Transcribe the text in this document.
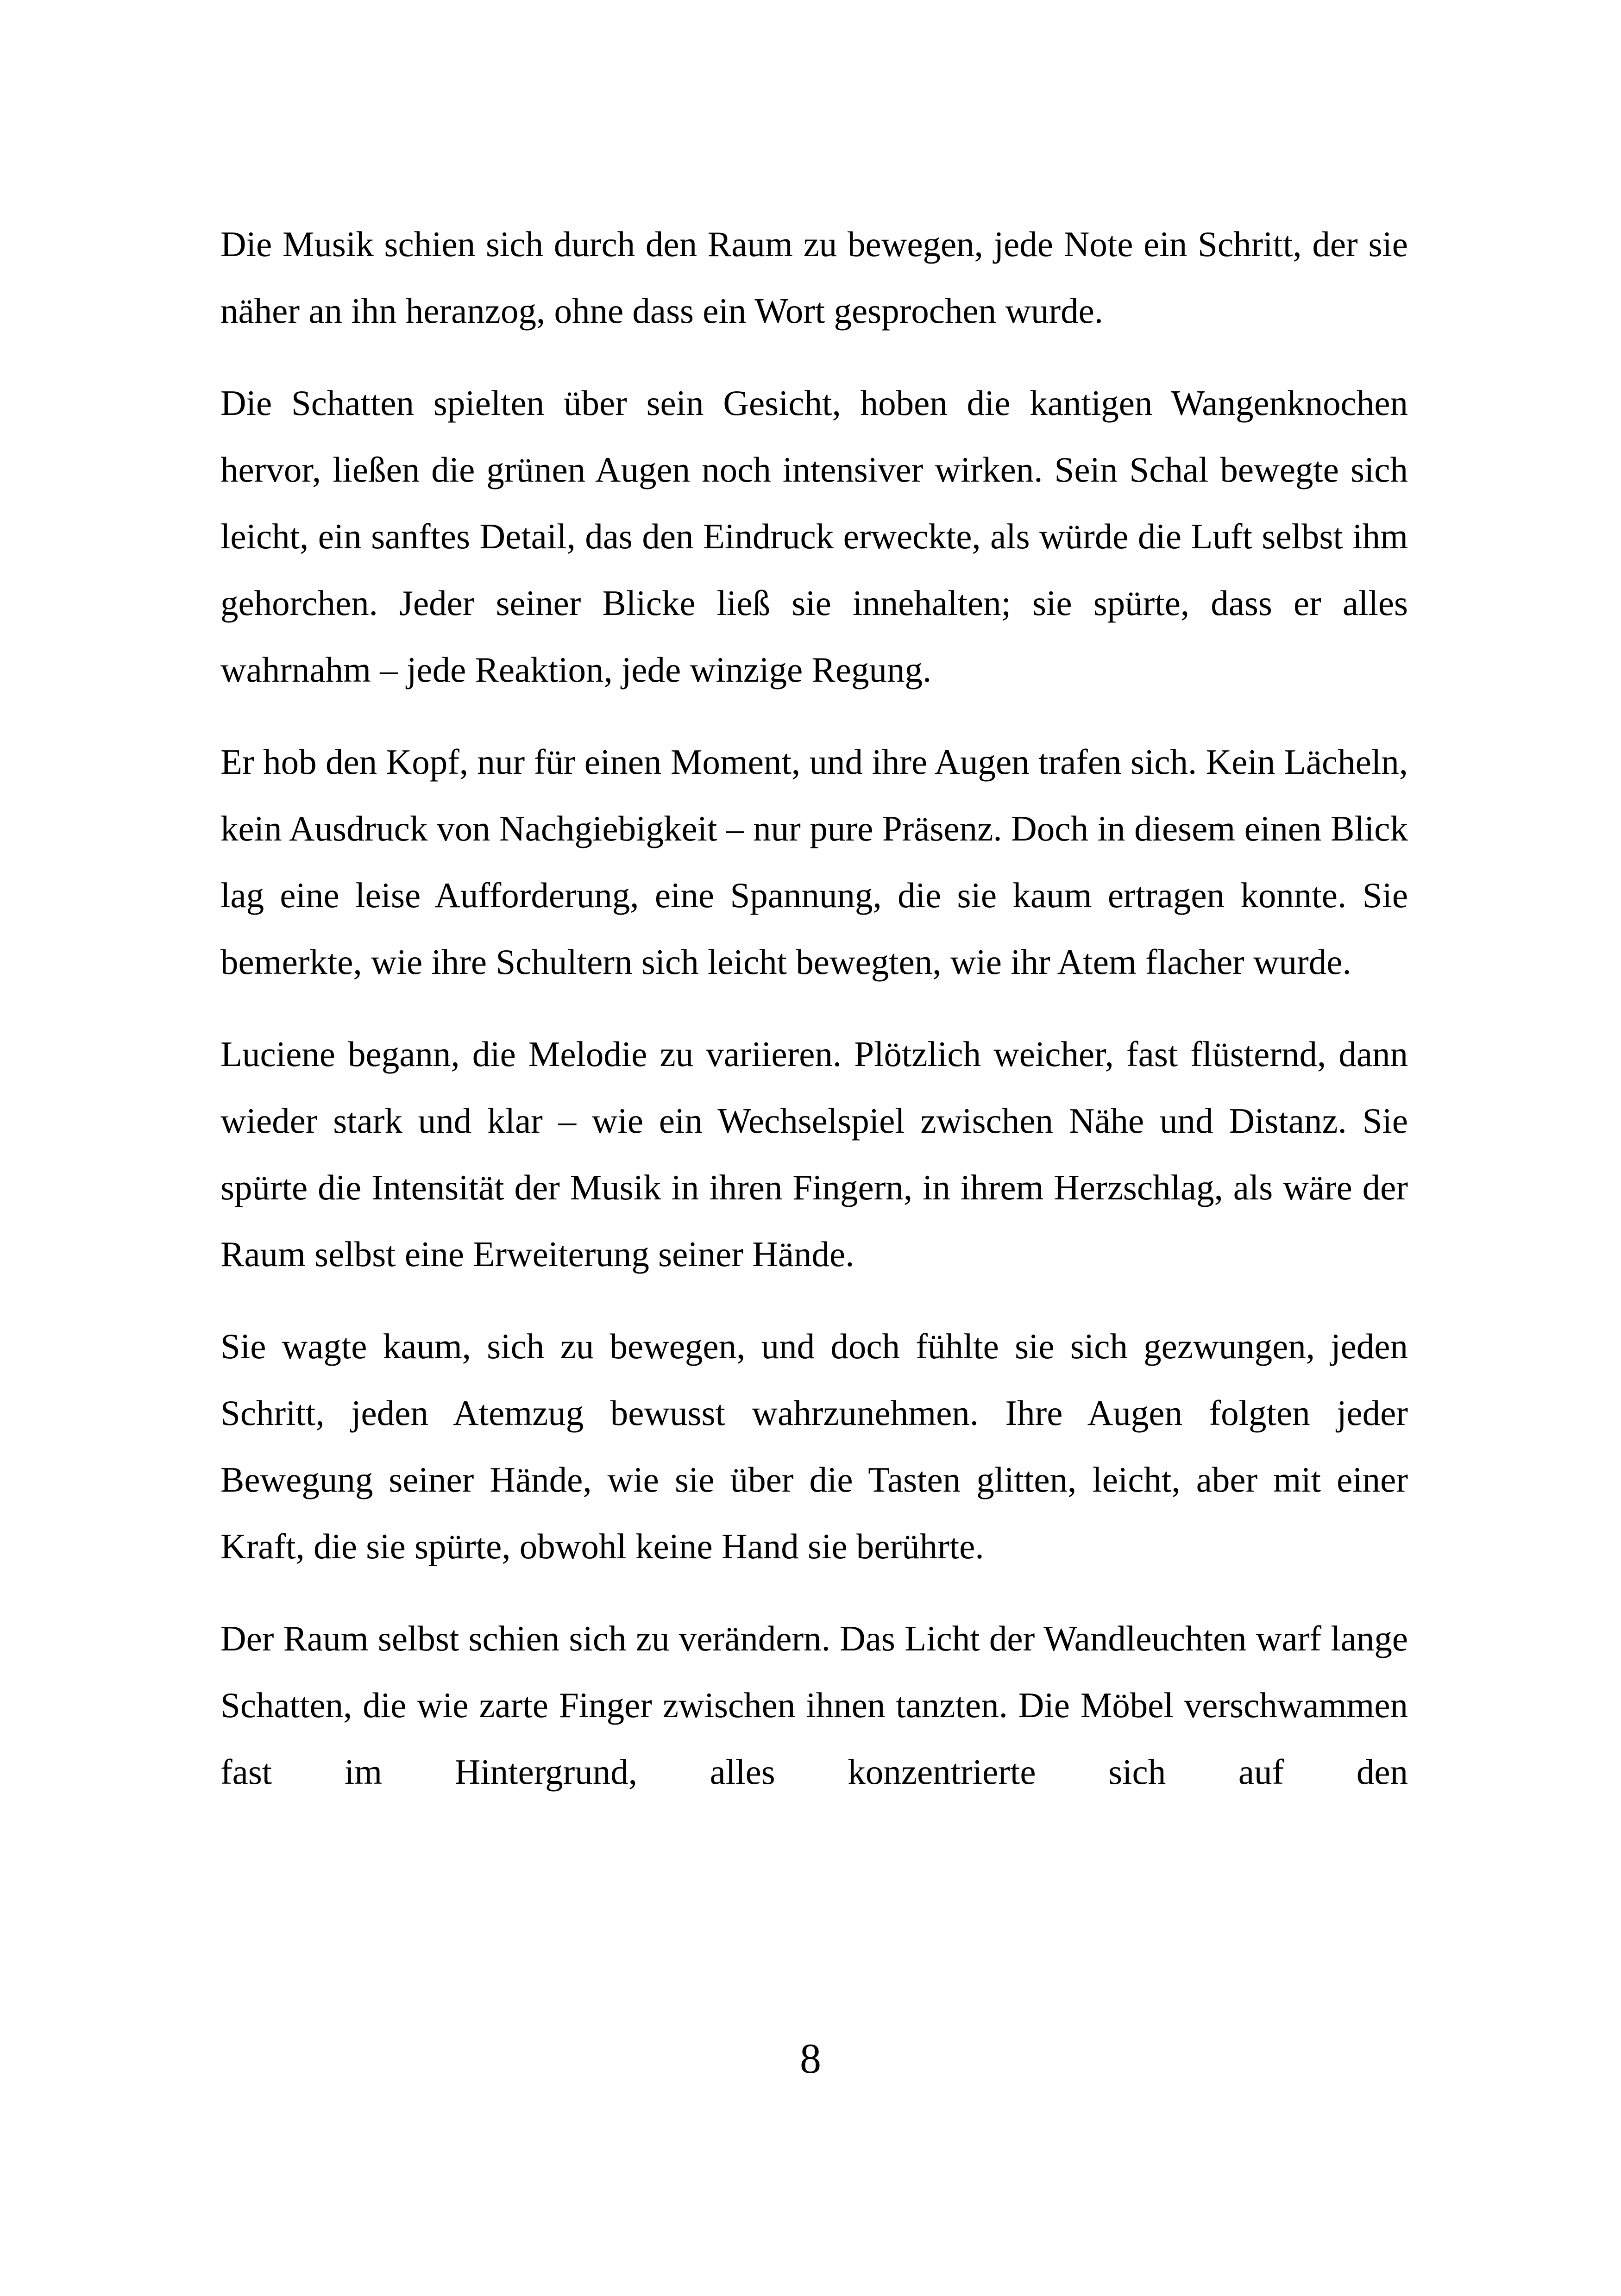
Die Musik schien sich durch den Raum zu bewegen, jede Note ein Schritt, der sie näher an ihn heranzog, ohne dass ein Wort gesprochen wurde.

Die Schatten spielten über sein Gesicht, hoben die kantigen Wangenknochen hervor, ließen die grünen Augen noch intensiver wirken. Sein Schal bewegte sich leicht, ein sanftes Detail, das den Eindruck erweckte, als würde die Luft selbst ihm gehorchen. Jeder seiner Blicke ließ sie innehalten; sie spürte, dass er alles wahrnahm – jede Reaktion, jede winzige Regung.

Er hob den Kopf, nur für einen Moment, und ihre Augen trafen sich. Kein Lächeln, kein Ausdruck von Nachgiebigkeit – nur pure Präsenz. Doch in diesem einen Blick lag eine leise Aufforderung, eine Spannung, die sie kaum ertragen konnte. Sie bemerkte, wie ihre Schultern sich leicht bewegten, wie ihr Atem flacher wurde.

Luciene begann, die Melodie zu variieren. Plötzlich weicher, fast flüsternd, dann wieder stark und klar – wie ein Wechselspiel zwischen Nähe und Distanz. Sie spürte die Intensität der Musik in ihren Fingern, in ihrem Herzschlag, als wäre der Raum selbst eine Erweiterung seiner Hände.

Sie wagte kaum, sich zu bewegen, und doch fühlte sie sich gezwungen, jeden Schritt, jeden Atemzug bewusst wahrzunehmen. Ihre Augen folgten jeder Bewegung seiner Hände, wie sie über die Tasten glitten, leicht, aber mit einer Kraft, die sie spürte, obwohl keine Hand sie berührte.

Der Raum selbst schien sich zu verändern. Das Licht der Wandleuchten warf lange Schatten, die wie zarte Finger zwischen ihnen tanzten. Die Möbel verschwammen fast im Hintergrund, alles konzentrierte sich auf den

8
